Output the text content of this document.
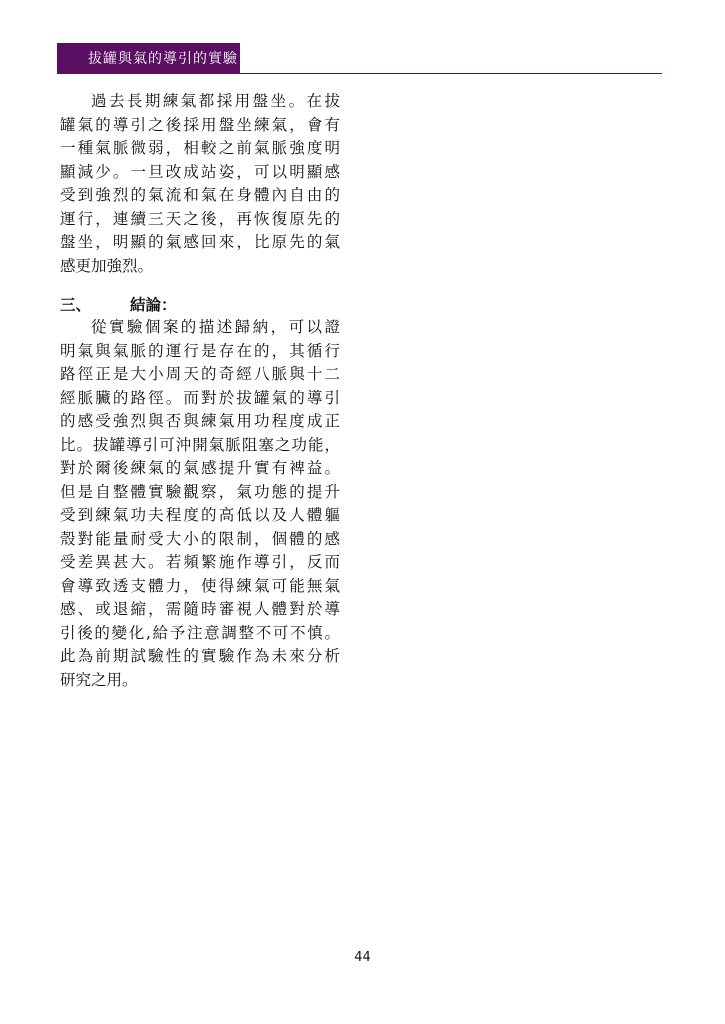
拔罐與氣的導引的實驗
過去長期練氣都採用盤坐。在拔
罐氣的導引之後採用盤坐練氣，會有
一種氣脈微弱，相較之前氣脈強度明
顯減少。一旦改成站姿，可以明顯感
受到強烈的氣流和氣在身體內自由的
運行，連續三天之後，再恢復原先的
盤坐，明顯的氣感回來，比原先的氣
感更加強烈。
三、	結論：
從實驗個案的描述歸納，可以證
明氣與氣脈的運行是存在的，其循行
路徑正是大小周天的奇經八脈與十二
經脈臟的路徑。而對於拔罐氣的導引
的感受強烈與否與練氣用功程度成正
比。拔罐導引可沖開氣脈阻塞之功能，
對於爾後練氣的氣感提升實有裨益。
但是自整體實驗觀察，氣功態的提升
受到練氣功夫程度的高低以及人體軀
殼對能量耐受大小的限制，個體的感
受差異甚大。若頻繁施作導引，反而
會導致透支體力，使得練氣可能無氣
感、或退縮，需隨時審視人體對於導
引後的變化,給予注意調整不可不慎。
此為前期試驗性的實驗作為未來分析
研究之用。
44
